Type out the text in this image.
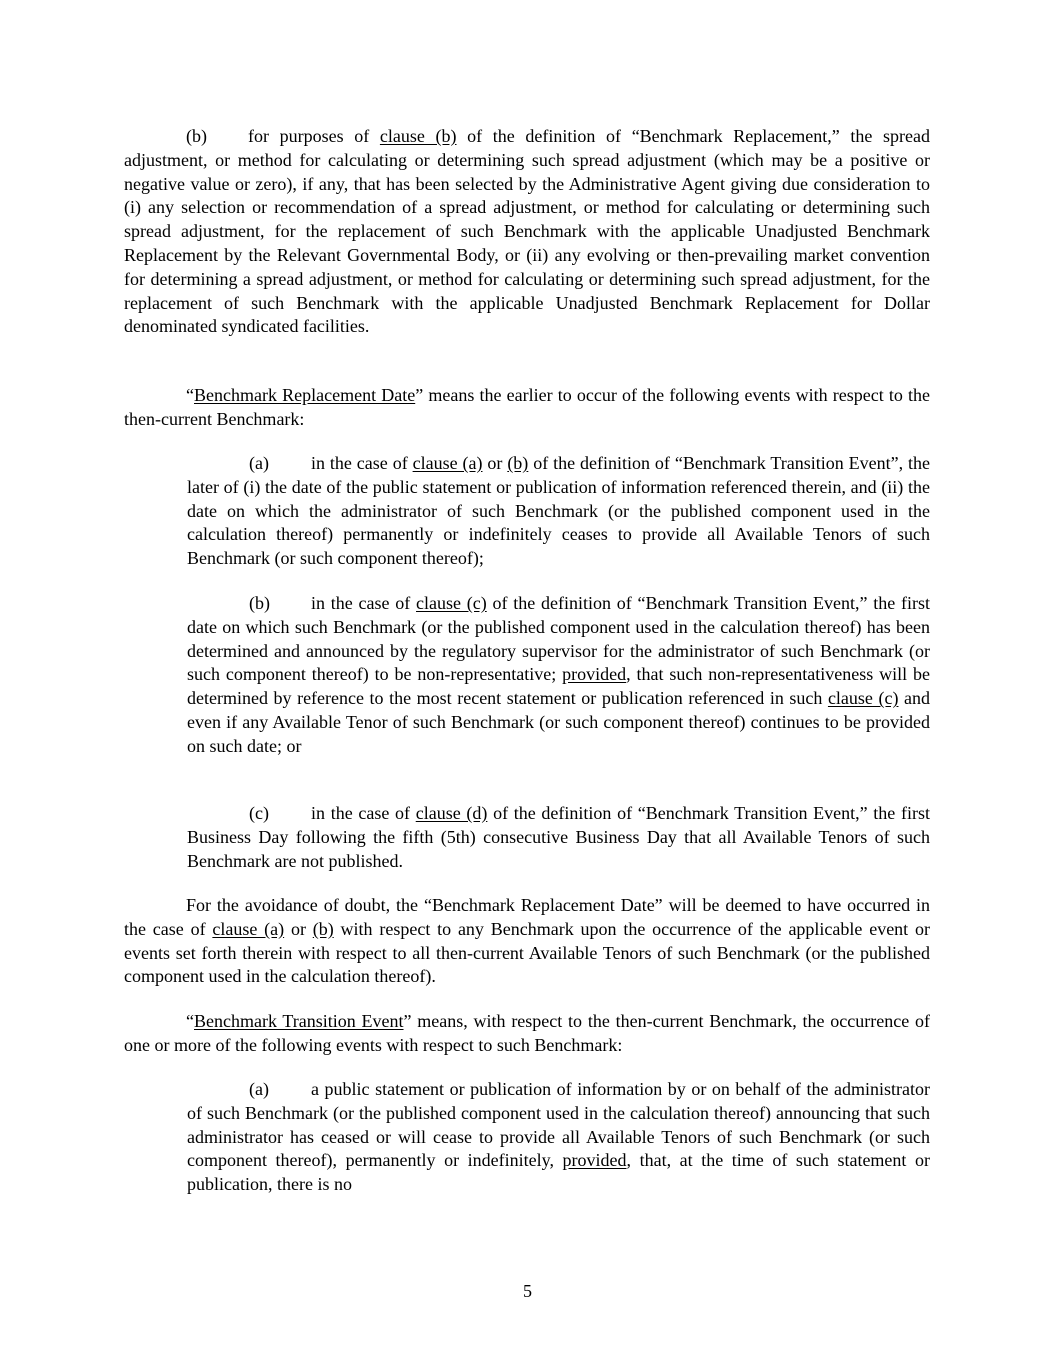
(b) for purposes of clause (b) of the definition of “Benchmark Replacement,” the spread adjustment, or method for calculating or determining such spread adjustment (which may be a positive or negative value or zero), if any, that has been selected by the Administrative Agent giving due consideration to (i) any selection or recommendation of a spread adjustment, or method for calculating or determining such spread adjustment, for the replacement of such Benchmark with the applicable Unadjusted Benchmark Replacement by the Relevant Governmental Body, or (ii) any evolving or then-prevailing market convention for determining a spread adjustment, or method for calculating or determining such spread adjustment, for the replacement of such Benchmark with the applicable Unadjusted Benchmark Replacement for Dollar denominated syndicated facilities.

“Benchmark Replacement Date” means the earlier to occur of the following events with respect to the then-current Benchmark:

(a) in the case of clause (a) or (b) of the definition of “Benchmark Transition Event”, the later of (i) the date of the public statement or publication of information referenced therein, and (ii) the date on which the administrator of such Benchmark (or the published component used in the calculation thereof) permanently or indefinitely ceases to provide all Available Tenors of such Benchmark (or such component thereof);

(b) in the case of clause (c) of the definition of “Benchmark Transition Event,” the first date on which such Benchmark (or the published component used in the calculation thereof) has been determined and announced by the regulatory supervisor for the administrator of such Benchmark (or such component thereof) to be non-representative; provided, that such non-representativeness will be determined by reference to the most recent statement or publication referenced in such clause (c) and even if any Available Tenor of such Benchmark (or such component thereof) continues to be provided on such date; or

(c) in the case of clause (d) of the definition of “Benchmark Transition Event,” the first Business Day following the fifth (5th) consecutive Business Day that all Available Tenors of such Benchmark are not published.

For the avoidance of doubt, the “Benchmark Replacement Date” will be deemed to have occurred in the case of clause (a) or (b) with respect to any Benchmark upon the occurrence of the applicable event or events set forth therein with respect to all then-current Available Tenors of such Benchmark (or the published component used in the calculation thereof).

“Benchmark Transition Event” means, with respect to the then-current Benchmark, the occurrence of one or more of the following events with respect to such Benchmark:

(a) a public statement or publication of information by or on behalf of the administrator of such Benchmark (or the published component used in the calculation thereof) announcing that such administrator has ceased or will cease to provide all Available Tenors of such Benchmark (or such component thereof), permanently or indefinitely, provided, that, at the time of such statement or publication, there is no

5
